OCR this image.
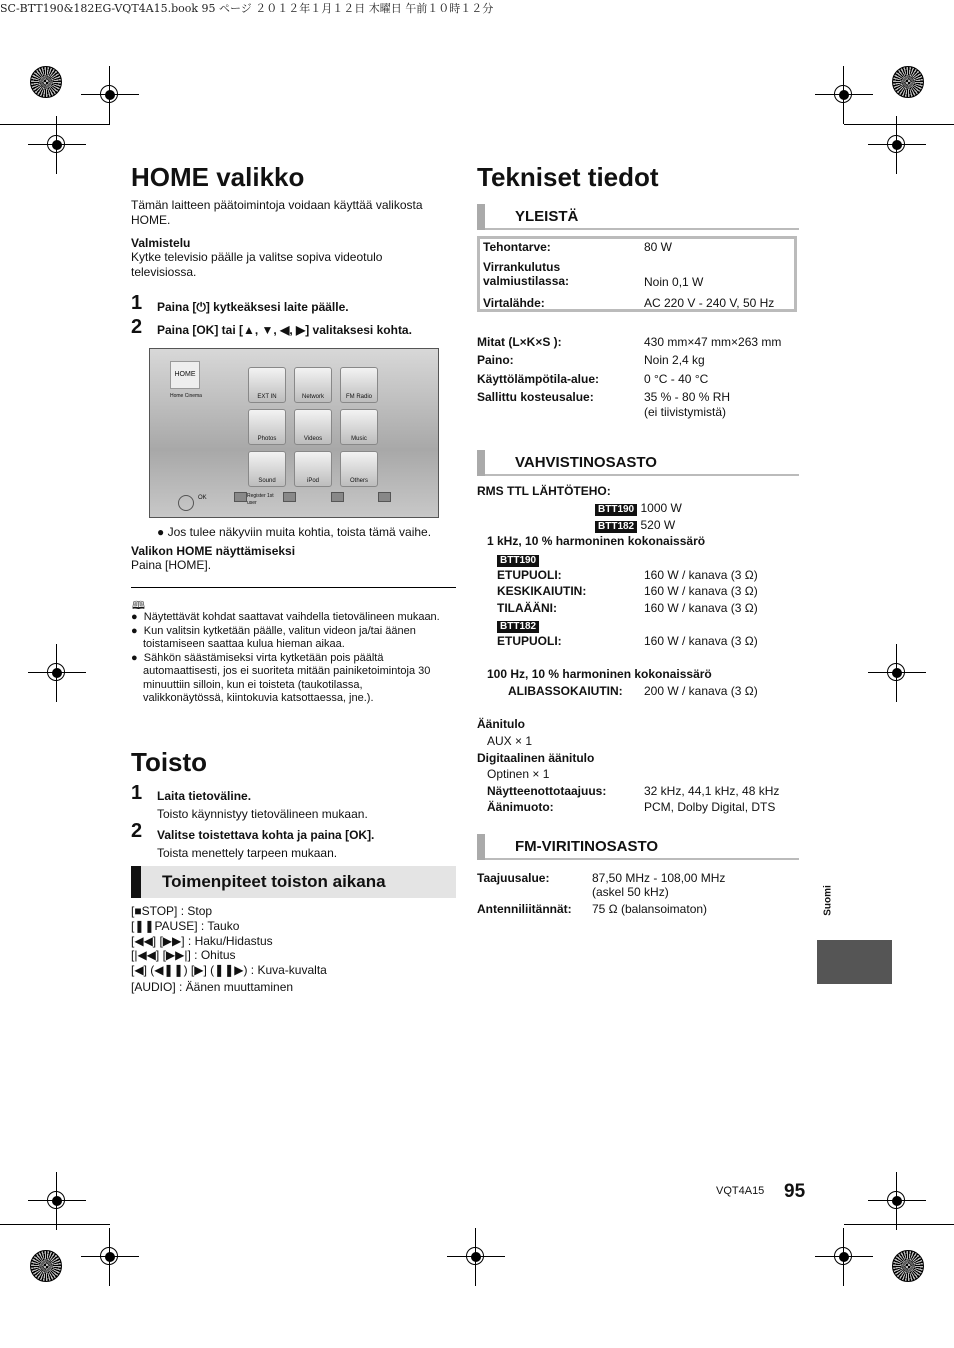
SC-BTT190&182EG-VQT4A15.book 95 ページ ２０１２年１月１２日 木曜日 午前１０時１２分
HOME valikko

Tämän laitteen päätoimintoja voidaan käyttää valikosta HOME.

Valmistelu

Kytke televisio päälle ja valitse sopiva videotulo televisiossa.

1 Paina [⏻] kytkeäksesi laite päälle.

2 Paina [OK] tai [▲, ▼, ◀, ▶] valitaksesi kohta.

HOME
Home Cinema	EXT IN	Network	FM Radio
Photos	Videos	Music
Sound	iPod	Others
OK	Register 1st user

● Jos tulee näkyviin muita kohtia, toista tämä vaihe.

Valikon HOME näyttämiseksi

Paina [HOME].

🕮
●  Näytettävät kohdat saattavat vaihdella tietovälineen mukaan.
●  Kun valitsin kytketään päälle, valitun videon ja/tai äänen toistamiseen saattaa kulua hieman aikaa.
●  Sähkön säästämiseksi virta kytketään pois päältä automaattisesti, jos ei suoriteta mitään painiketoimintoja 30 minuuttiin silloin, kun ei toisteta (taukotilassa, valikkonäytössä, kiintokuvia katsottaessa, jne.).
Toisto
1 Laita tietoväline.

Toisto käynnistyy tietovälineen mukaan.

2 Valitse toistettava kohta ja paina [OK].

Toista menettely tarpeen mukaan.

Toimenpiteet toiston aikana
[■STOP] : Stop
[❚❚PAUSE] : Tauko
[◀◀] [▶▶] : Haku/Hidastus
[|◀◀] [▶▶|] : Ohitus
[◀] (◀❚❚) [▶] (❚❚▶) : Kuva-kuvalta
[AUDIO] : Äänen muuttaminen
Tekniset tiedot
YLEISTÄ
Tehontarve:	80 W
Virrankulutus valmiustilassa:	Noin 0,1 W
Virtalähde:	AC 220 V - 240 V, 50 Hz
Mitat (L×K×S ):	430 mm×47 mm×263 mm
Paino:	Noin 2,4 kg
Käyttölämpötila-alue:	0 °C - 40 °C
Sallittu kosteusalue:	35 % - 80 % RH
(ei tiivistymistä)
VAHVISTINOSASTO
RMS TTL LÄHTÖTEHO:
BTT190 1000 W
BTT182 520 W
1 kHz, 10 % harmoninen kokonaissärö
BTT190
ETUPUOLI:	160 W / kanava (3 Ω)
KESKIKAIUTIN:	160 W / kanava (3 Ω)
TILAÄÄNI:	160 W / kanava (3 Ω)
BTT182
ETUPUOLI:	160 W / kanava (3 Ω)
100 Hz, 10 % harmoninen kokonaissärö
ALIBASSOKAIUTIN: 200 W / kanava (3 Ω)
Äänitulo
AUX × 1
Digitaalinen äänitulo
Optinen × 1
Näytteenottotaajuus:	32 kHz, 44,1 kHz, 48 kHz
Äänimuoto:	PCM, Dolby Digital, DTS
FM-VIRITINOSASTO
Taajuusalue:	87,50 MHz - 108,00 MHz
(askel 50 kHz)
Antenniliitännät: 75 Ω (balansoimaton)	Suomi
VQT4A15 95
